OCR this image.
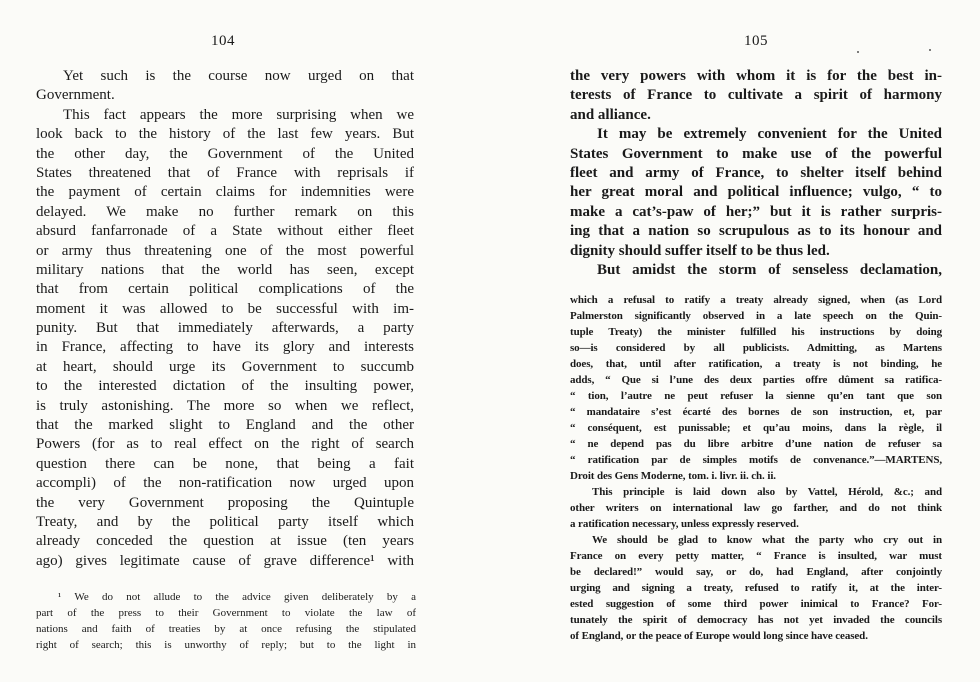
104
Yet such is the course now urged on that
Government.
This fact appears the more surprising when we
look back to the history of the last few years. But
the other day, the Government of the United
States threatened that of France with reprisals if
the payment of certain claims for indemnities were
delayed. We make no further remark on this
absurd fanfarronade of a State without either fleet
or army thus threatening one of the most powerful
military nations that the world has seen, except
that from certain political complications of the
moment it was allowed to be successful with im-
punity. But that immediately afterwards, a party
in France, affecting to have its glory and interests
at heart, should urge its Government to succumb
to the interested dictation of the insulting power,
is truly astonishing. The more so when we reflect,
that the marked slight to England and the other
Powers (for as to real effect on the right of search
question there can be none, that being a fait
accompli) of the non-ratification now urged upon
the very Government proposing the Quintuple
Treaty, and by the political party itself which
already conceded the question at issue (ten years
ago) gives legitimate cause of grave difference¹ with
¹ We do not allude to the advice given deliberately by a
part of the press to their Government to violate the law of
nations and faith of treaties by at once refusing the stipulated
right of search; this is unworthy of reply; but to the light in
105
the very powers with whom it is for the best in-
terests of France to cultivate a spirit of harmony
and alliance.
It may be extremely convenient for the United
States Government to make use of the powerful
fleet and army of France, to shelter itself behind
her great moral and political influence; vulgo, “ to
make a cat’s-paw of her;” but it is rather surpris-
ing that a nation so scrupulous as to its honour and
dignity should suffer itself to be thus led.
But amidst the storm of senseless declamation,
which a refusal to ratify a treaty already signed, when (as Lord
Palmerston significantly observed in a late speech on the Quin-
tuple Treaty) the minister fulfilled his instructions by doing
so—is considered by all publicists. Admitting, as Martens
does, that, until after ratification, a treaty is not binding, he
adds, “ Que si l’une des deux parties offre dûment sa ratifica-
“ tion, l’autre ne peut refuser la sienne qu’en tant que son
“ mandataire s’est écarté des bornes de son instruction, et, par
“ conséquent, est punissable; et qu’au moins, dans la règle, il
“ ne depend pas du libre arbitre d’une nation de refuser sa
“ ratification par de simples motifs de convenance.”—MARTENS,
Droit des Gens Moderne, tom. i. livr. ii. ch. ii.
This principle is laid down also by Vattel, Hérold, &c.; and
other writers on international law go farther, and do not think
a ratification necessary, unless expressly reserved.
We should be glad to know what the party who cry out in
France on every petty matter, “ France is insulted, war must
be declared!” would say, or do, had England, after conjointly
urging and signing a treaty, refused to ratify it, at the inter-
ested suggestion of some third power inimical to France? For-
tunately the spirit of democracy has not yet invaded the councils
of England, or the peace of Europe would long since have ceased.
